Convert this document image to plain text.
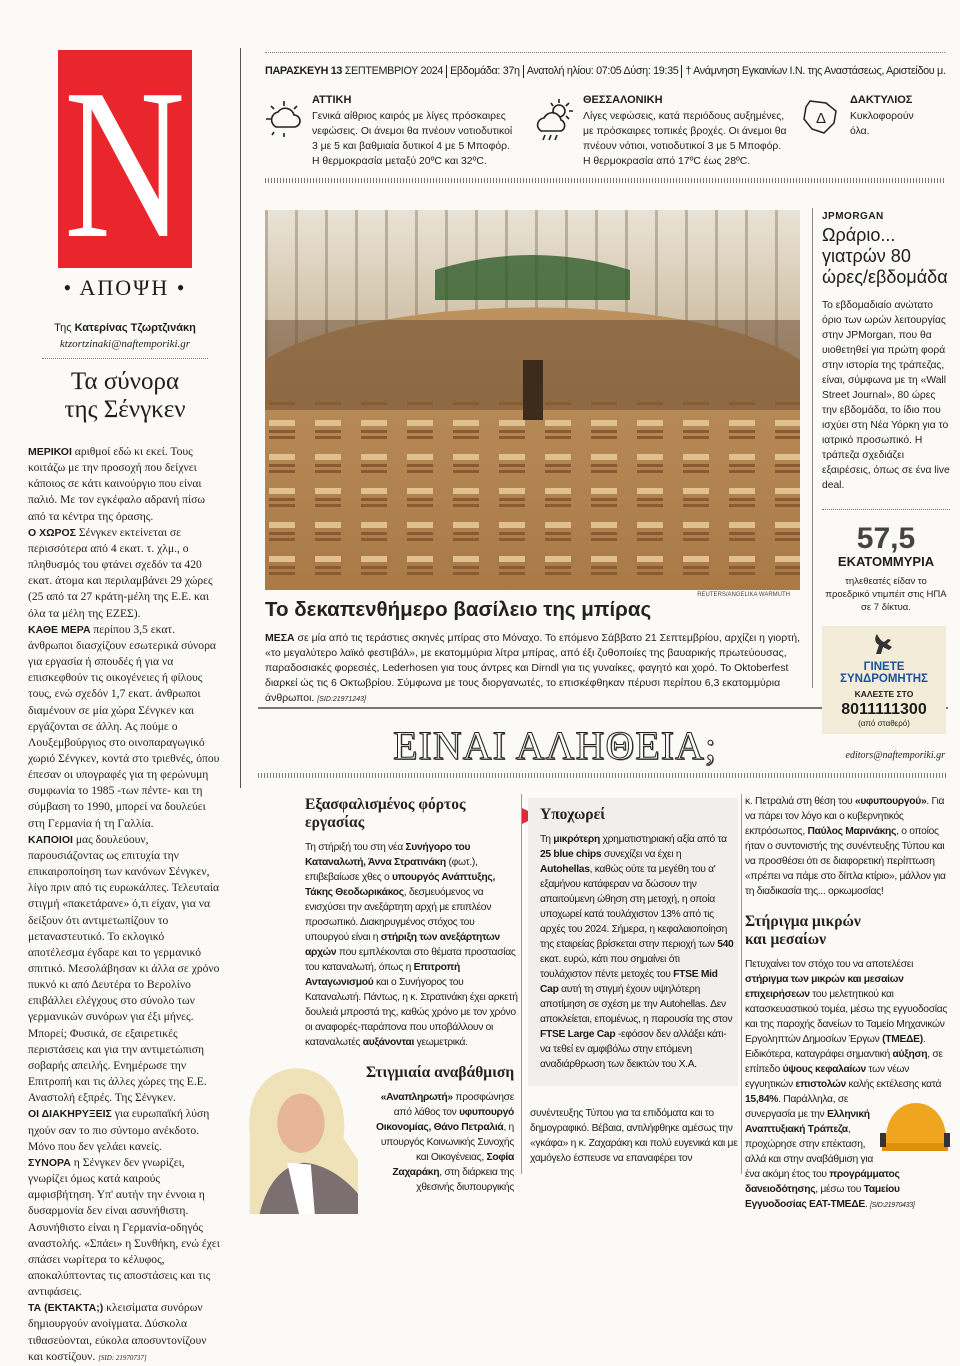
N
• ΑΠΟΨΗ •
Της Κατερίνας Τζωρτζινάκη
ktzortzinaki@naftemporiki.gr
Τα σύνορα
της Σένγκεν
ΜΕΡΙΚΟΙ αριθμοί εδώ κι εκεί. Τους κοιτάζω με την προσοχή που δείχνει κάποιος σε κάτι καινούργιο που είναι παλιό. Με τον εγκέφαλο αδρανή πίσω από τα κέντρα της όρασης.
Ο ΧΩΡΟΣ Σένγκεν εκτείνεται σε περισσότερα από 4 εκατ. τ. χλμ., ο πληθυσμός του φτάνει σχεδόν τα 420 εκατ. άτομα και περιλαμβάνει 29 χώρες (25 από τα 27 κράτη-μέλη της Ε.Ε. και όλα τα μέλη της ΕΖΕΣ).
ΚΑΘΕ ΜΕΡΑ περίπου 3,5 εκατ. άνθρωποι διασχίζουν εσωτερικά σύνορα για εργασία ή σπουδές ή για να επισκεφθούν τις οικογένειες ή φίλους τους, ενώ σχεδόν 1,7 εκατ. άνθρωποι διαμένουν σε μία χώρα Σένγκεν και εργάζονται σε άλλη. Ας πούμε ο Λουξεμβούργιος στο οινοπαραγωγικό χωριό Σένγκεν, κοντά στο τριεθνές, όπου έπεσαν οι υπογραφές για τη φερώνυμη συμφωνία το 1985 -των πέντε- και τη σύμβαση το 1990, μπορεί να δουλεύει στη Γερμανία ή τη Γαλλία.
ΚΑΠΟΙΟΙ μας δουλεύουν, παρουσιάζοντας ως επιτυχία την επικαιροποίηση των κανόνων Σένγκεν, λίγο πριν από τις ευρωκάλπες. Τελευταία στιγμή «πακετάρανε» ό,τι είχαν, για να δείξουν ότι αντιμετωπίζουν το μεταναστευτικό. Το εκλογικό αποτέλεσμα έγδαρε και το γερμανικό σπιτικό. Μεσολάβησαν κι άλλα σε χρόνο πυκνό κι από Δευτέρα το Βερολίνο επιβάλλει ελέγχους στο σύνολο των γερμανικών συνόρων για έξι μήνες. Μπορεί; Φυσικά, σε εξαιρετικές περιστάσεις και για την αντιμετώπιση σοβαρής απειλής. Ενημέρωσε την Επιτροπή και τις άλλες χώρες της Ε.Ε. Αναστολή εξπρές. Της Σένγκεν.
ΟΙ ΔΙΑΚΗΡΥΞΕΙΣ για ευρωπαϊκή λύση ηχούν σαν το πιο σύντομο ανέκδοτο. Μόνο που δεν γελάει κανείς.
ΣΥΝΟΡΑ η Σένγκεν δεν γνωρίζει, γνωρίζει όμως κατά καιρούς αμφισβήτηση. Υπ' αυτήν την έννοια η δυσαρμονία δεν είναι ασυνήθιστη. Ασυνήθιστο είναι η Γερμανία-οδηγός αναστολής. «Σπάει» η Συνθήκη, ενώ έχει σπάσει νωρίτερα το κέλυφος, αποκαλύπτοντας τις αποστάσεις και τις αντιφάσεις.
ΤΑ (ΕΚΤΑΚΤΑ;) κλεισίματα συνόρων δημιουργούν ανοίγματα. Δύσκολα τιθασεύονται, εύκολα αποσυντονίζουν και κοστίζουν. [SID: 21970737]
ΠΑΡΑΣΚΕΥΗ 13 ΣΕΠΤΕΜΒΡΙΟΥ 2024 Εβδομάδα: 37η Ανατολή ηλίου: 07:05 Δύση: 19:35 † Ανάμνηση Εγκαινίων Ι.Ν. της Αναστάσεως, Αριστείδου μ.
ΑΤΤΙΚΗ
Γενικά αίθριος καιρός με λίγες πρόσκαιρες
νεφώσεις. Οι άνεμοι θα πνέουν νοτιοδυτικοί
3 με 5 και βαθμιαία δυτικοί 4 με 5 Μποφόρ.
Η θερμοκρασία μεταξύ 20ºC και 32ºC.
ΘΕΣΣΑΛΟΝΙΚΗ
Λίγες νεφώσεις, κατά περιόδους αυξημένες,
με πρόσκαιρες τοπικές βροχές. Οι άνεμοι θα
πνέουν νότιοι, νοτιοδυτικοί 3 με 5 Μποφόρ.
Η θερμοκρασία από 17ºC έως 28ºC.
Δ
ΔΑΚΤΥΛΙΟΣ
Κυκλοφορούν
όλα.
REUTERS/ANGELIKA WARMUTH
Το δεκαπενθήμερο βασίλειο της μπίρας
ΜΕΣΑ σε μία από τις τεράστιες σκηνές μπίρας στο Μόναχο. Το επόμενο Σάββατο 21 Σεπτεμβρίου, αρχίζει η γιορτή, «το μεγαλύτερο λαϊκό φεστιβάλ», με εκατομμύρια λίτρα μπίρας, από έξι ζυθοποιίες της βαυαρικής πρωτεύουσας, παραδοσιακές φορεσιές, Lederhosen για τους άντρες και Dirndl για τις γυναίκες, φαγητό και χορό. Το Oktoberfest διαρκεί ώς τις 6 Οκτωβρίου. Σύμφωνα με τους διοργανωτές, το επισκέφθηκαν πέρυσι περίπου 6,3 εκατομμύρια άνθρωποι. [SID:21971243]
JPMORGAN
Ωράριο... γιατρών 80 ώρες/εβδομάδα
Το εβδομαδιαίο ανώτατο όριο των ωρών λειτουργίας στην JPMorgan, που θα υιοθετηθεί για πρώτη φορά στην ιστορία της τράπεζας, είναι, σύμφωνα με τη «Wall Street Journal», 80 ώρες την εβδομάδα, το ίδιο που ισχύει στη Νέα Υόρκη για το ιατρικό προσωπικό. Η τράπεζα σχεδιάζει εξαιρέσεις, όπως σε ένα live deal.
57,5
ΕΚΑΤΟΜΜΥΡΙΑ
τηλεθεατές είδαν το προεδρικό ντιμπέιτ στις ΗΠΑ σε 7 δίκτυα.
ΓΙΝΕΤΕ
ΣΥΝΔΡΟΜΗΤΗΣ
ΚΑΛΕΣΤΕ ΣΤΟ
8011111300
(από σταθερό)
ΕΙΝΑΙ ΑΛΗΘΕΙΑ;	editors@naftemporiki.gr
Εξασφαλισμένος φόρτος εργασίας
Τη στήριξή του στη νέα Συνήγορο του Καταναλωτή, Άννα Στρατινάκη (φωτ.), επιβεβαίωσε χθες ο υπουργός Ανάπτυξης, Τάκης Θεοδωρικάκος, δεσμευόμενος να ενισχύσει την ανεξάρτητη αρχή με επιπλέον προσωπικό. Διακηρυγμένος στόχος του υπουργού είναι η στήριξη των ανεξάρτητων αρχών που εμπλέκονται στο θέματα προστασίας του καταναλωτή, όπως η Επιτροπή Ανταγωνισμού και ο Συνήγορος του Καταναλωτή. Πάντως, η κ. Στρατινάκη έχει αρκετή δουλειά μπροστά της, καθώς χρόνο με τον χρόνο οι αναφορές-παράπονα που υποβάλλουν οι καταναλωτές αυξάνονται γεωμετρικά.
Στιγμιαία αναβάθμιση
«Αναπληρωτή» προσφώνησε από λάθος τον υφυπουργό Οικονομίας, Θάνο Πετραλιά, η υπουργός Κοινωνικής Συνοχής και Οικογένειας, Σοφία Ζαχαράκη, στη διάρκεια της χθεσινής διυπουργικής
Υποχωρεί
Τη μικρότερη χρηματιστηριακή αξία από τα 25 blue chips συνεχίζει να έχει η Autohellas, καθώς ούτε τα μεγέθη του α' εξαμήνου κατάφεραν να δώσουν την απαιτούμενη ώθηση στη μετοχή, η οποία υποχωρεί κατά τουλάχιστον 13% από τις αρχές του 2024. Σήμερα, η κεφαλαιοποίηση της εταιρείας βρίσκεται στην περιοχή των 540 εκατ. ευρώ, κάτι που σημαίνει ότι τουλάχιστον πέντε μετοχές του FTSE Mid Cap αυτή τη στιγμή έχουν υψηλότερη αποτίμηση σε σχέση με την Autohellas. Δεν αποκλείεται, επομένως, η παρουσία της στον FTSE Large Cap -εφόσον δεν αλλάξει κάτι- να τεθεί εν αμφιβόλω στην επόμενη αναδιάρθρωση των δεικτών του Χ.Α.
συνέντευξης Τύπου για τα επιδόματα και το δημογραφικό. Βέβαια, αντιλήφθηκε αμέσως την «γκάφα» η κ. Ζαχαράκη και πολύ ευγενικά και με χαμόγελο έσπευσε να επαναφέρει τον
κ. Πετραλιά στη θέση του «υφυπουργού». Για να πάρει τον λόγο και ο κυβερνητικός εκπρόσωπος, Παύλος Μαρινάκης, ο οποίος ήταν ο συντονιστής της συνέντευξης Τύπου και να προσθέσει ότι σε διαφορετική περίπτωση «πρέπει να πάμε στο δίπλα κτίριο», μάλλον για τη διαδικασία της... ορκωμοσίας!
Στήριγμα μικρών και μεσαίων
Πετυχαίνει τον στόχο του να αποτελέσει στήριγμα των μικρών και μεσαίων επιχειρήσεων του μελετητικού και κατασκευαστικού τομέα, μέσω της εγγυοδοσίας και της παροχής δανείων το Ταμείο Μηχανικών Εργοληπτών Δημοσίων Έργων (ΤΜΕΔΕ). Ειδικότερα, καταγράφει σημαντική αύξηση, σε επίπεδο ύψους κεφαλαίων των νέων εγγυητικών επιστολών καλής εκτέλεσης κατά 15,84%. Παράλληλα, σε συνεργασία με την Ελληνική Αναπτυξιακή Τράπεζα, προχώρησε στην επέκταση, αλλά και στην αναβάθμιση για ένα ακόμη έτος του προγράμματος δανειοδότησης, μέσω του Ταμείου Εγγυοδοσίας ΕΑΤ-ΤΜΕΔΕ. [SID:21970433]
